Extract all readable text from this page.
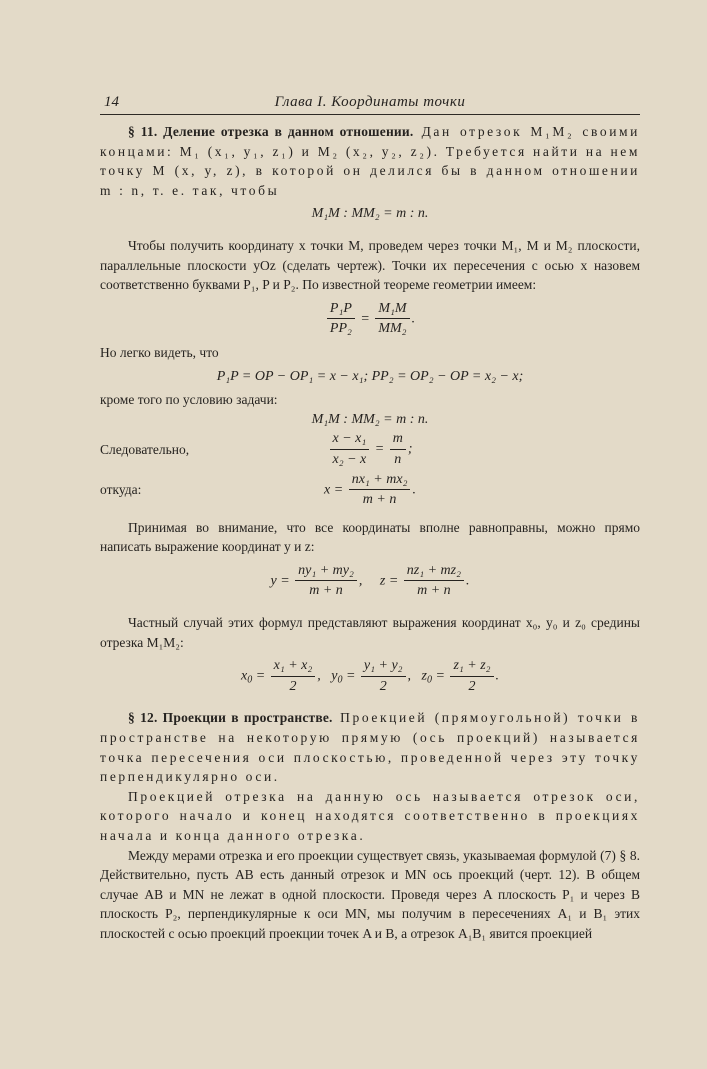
14	Глава I. Координаты точки

§ 11. Деление отрезка в данном отношении. Дан отрезок M₁M₂ своими концами: M₁ (x₁, y₁, z₁) и M₂ (x₂, y₂, z₂). Требуется найти на нем точку M (x, y, z), в которой он делился бы в данном отношении m : n, т. е. так, чтобы

M₁M : MM₂ = m : n.

Чтобы получить координату x точки M, проведем через точки M₁, M и M₂ плоскости, параллельные плоскости yOz (сделать чертеж). Точки их пересечения с осью x назовем соответственно буквами P₁, P и P₂. По известной теореме геометрии имеем:

$\frac{\text{P₁P}}{\text{PP₂}} = \frac{\text{M₁M}}{\text{MM₂}}$ .

Но легко видеть, что

P₁P = OP − OP₁ = x − x₁; PP₂ = OP₂ − OP = x₂ − x;

кроме того по условию задачи:

M₁M : MM₂ = m : n.
Следовательно,	$\frac{\text{x − x₁}}{\text{x₂ − x}} = \frac{m}{n}$ ;
откуда:	$x = \frac{\text{nx₁ + mx₂}}{m + n}$ .

Принимая во внимание, что все координаты вполне равноправны, можно прямо написать выражение координат y и z:

$y = \frac{\text{ny₁ + my₂}}{m + n}$ ,     $z = \frac{\text{nz₁ + mz₂}}{m + n}$ .

Частный случай этих формул представляют выражения координат x₀, y₀ и z₀ средины отрезка M₁M₂:

$x_0 = \frac{\text{x₁ + x₂}}{2}$ ,   $y_0 = \frac{\text{y₁ + y₂}}{2}$ ,   $z_0 = \frac{\text{z₁ + z₂}}{2}$ .

§ 12. Проекции в пространстве. Проекцией (прямоугольной) точки в пространстве на некоторую прямую (ось проекций) называется точка пересечения оси плоскостью, проведенной через эту точку перпендикулярно оси.

Проекцией отрезка на данную ось называется отрезок оси, которого начало и конец находятся соответственно в проекциях начала и конца данного отрезка.

Между мерами отрезка и его проекции существует связь, указываемая формулой (7) § 8. Действительно, пусть AB есть данный отрезок и MN ось проекций (черт. 12). В общем случае AB и MN не лежат в одной плоскости. Проведя через A плоскость P₁ и через B плоскость P₂, перпендикулярные к оси MN, мы получим в пересечениях A₁ и B₁ этих плоскостей с осью проекций проекции точек A и B, а отрезок A₁B₁ явится проекцией
